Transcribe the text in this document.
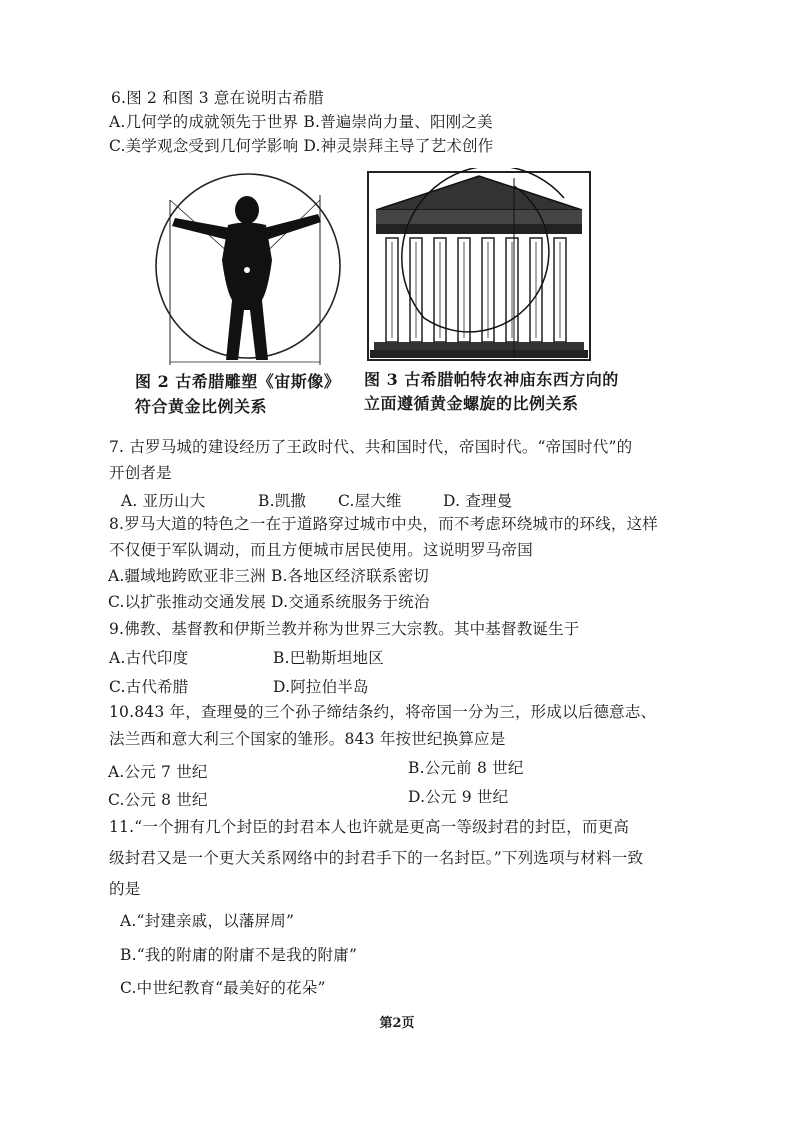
6.图 2 和图 3 意在说明古希腊
A.几何学的成就领先于世界 B.普遍崇尚力量、阳刚之美
C.美学观念受到几何学影响 D.神灵崇拜主导了艺术创作
图 2 古希腊雕塑《宙斯像》
符合黄金比例关系
图 3 古希腊帕特农神庙东西方向的
立面遵循黄金螺旋的比例关系
7. 古罗马城的建设经历了王政时代、共和国时代，帝国时代。“帝国时代”的
开创者是
A. 亚历山大	B.凯撒 C.屋大维	D. 查理曼
8.罗马大道的特色之一在于道路穿过城市中央，而不考虑环绕城市的环线，这样
不仅便于军队调动，而且方便城市居民使用。这说明罗马帝国
A.疆域地跨欧亚非三洲 B.各地区经济联系密切
C.以扩张推动交通发展 D.交通系统服务于统治
9.佛教、基督教和伊斯兰教并称为世界三大宗教。其中基督教诞生于
A.古代印度	B.巴勒斯坦地区
C.古代希腊	D.阿拉伯半岛
10.843 年，查理曼的三个孙子缔结条约，将帝国一分为三，形成以后德意志、
法兰西和意大利三个国家的雏形。843 年按世纪换算应是
A.公元 7 世纪	B.公元前 8 世纪
C.公元 8 世纪	D.公元 9 世纪
11.“一个拥有几个封臣的封君本人也许就是更高一等级封君的封臣，而更高
级封君又是一个更大关系网络中的封君手下的一名封臣。”下列选项与材料一致
的是
A.“封建亲戚，以藩屏周”
B.“我的附庸的附庸不是我的附庸”
C.中世纪教育“最美好的花朵”
第2页
